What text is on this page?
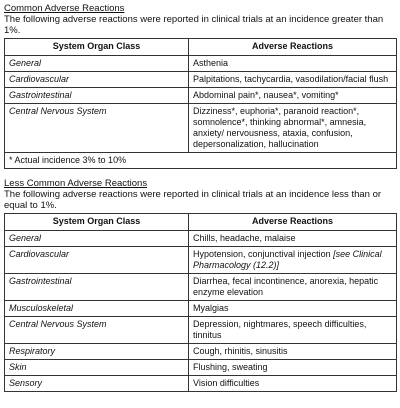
Common Adverse Reactions
The following adverse reactions were reported in clinical trials at an incidence greater than 1%.
System Organ Class	Adverse Reactions
General	Asthenia
Cardiovascular	Palpitations, tachycardia, vasodilation/facial flush
Gastrointestinal	Abdominal pain*, nausea*, vomiting*
Central Nervous System	Dizziness*, euphoria*, paranoid reaction*, somnolence*, thinking abnormal*, amnesia, anxiety/ nervousness, ataxia, confusion, depersonalization, hallucination
* Actual incidence 3% to 10%	
Less Common Adverse Reactions
The following adverse reactions were reported in clinical trials at an incidence less than or equal to 1%.
System Organ Class	Adverse Reactions
General	Chills, headache, malaise
Cardiovascular	Hypotension, conjunctival injection [see Clinical Pharmacology (12.2)]
Gastrointestinal	Diarrhea, fecal incontinence, anorexia, hepatic enzyme elevation
Musculoskeletal	Myalgias
Central Nervous System	Depression, nightmares, speech difficulties, tinnitus
Respiratory	Cough, rhinitis, sinusitis
Skin	Flushing, sweating
Sensory	Vision difficulties
